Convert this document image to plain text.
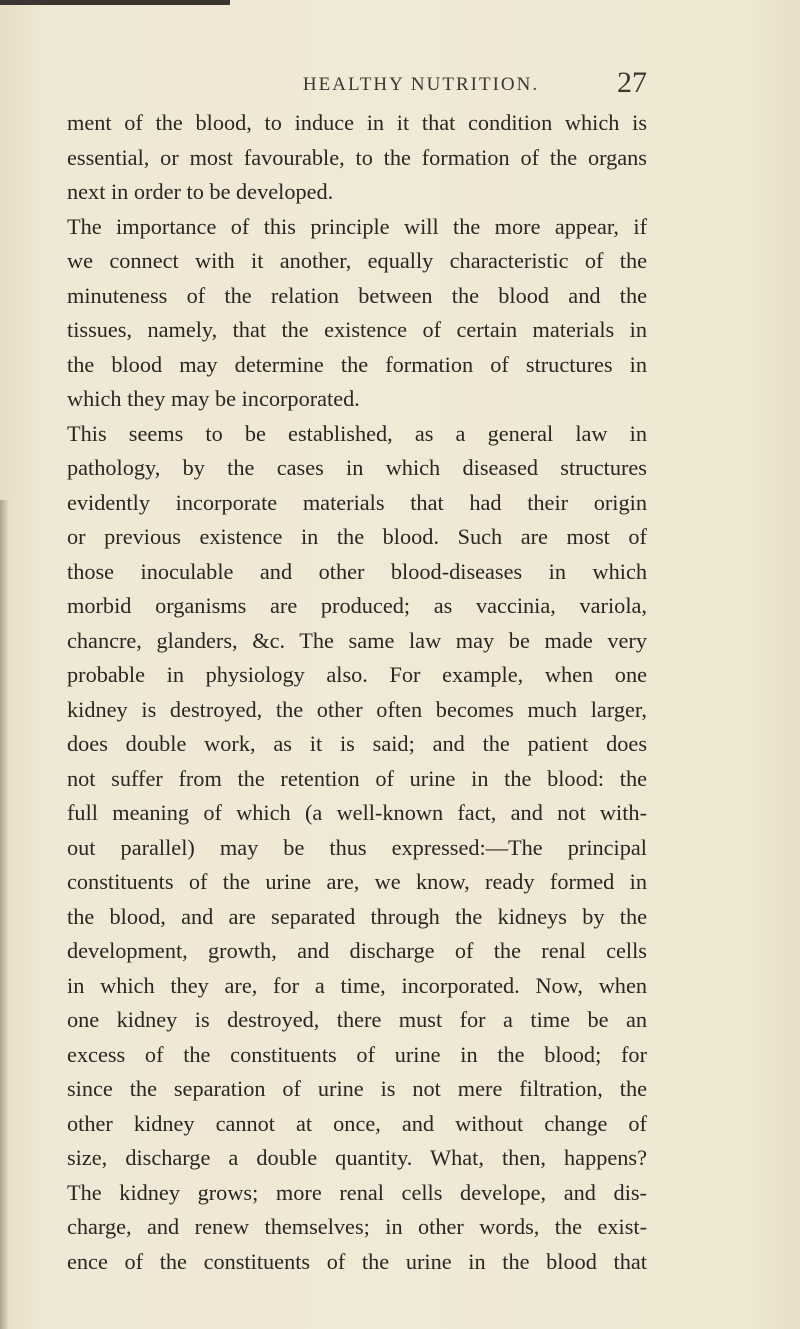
HEALTHY NUTRITION.	27
ment of the blood, to induce in it that condition which is
essential, or most favourable, to the formation of the organs
next in order to be developed.
The importance of this principle will the more appear, if
we connect with it another, equally characteristic of the
minuteness of the relation between the blood and the
tissues, namely, that the existence of certain materials in
the blood may determine the formation of structures in
which they may be incorporated.
This seems to be established, as a general law in
pathology, by the cases in which diseased structures
evidently incorporate materials that had their origin
or previous existence in the blood. Such are most of
those inoculable and other blood-diseases in which
morbid organisms are produced; as vaccinia, variola,
chancre, glanders, &c. The same law may be made very
probable in physiology also. For example, when one
kidney is destroyed, the other often becomes much larger,
does double work, as it is said; and the patient does
not suffer from the retention of urine in the blood: the
full meaning of which (a well-known fact, and not with-
out parallel) may be thus expressed:—The principal
constituents of the urine are, we know, ready formed in
the blood, and are separated through the kidneys by the
development, growth, and discharge of the renal cells
in which they are, for a time, incorporated. Now, when
one kidney is destroyed, there must for a time be an
excess of the constituents of urine in the blood; for
since the separation of urine is not mere filtration, the
other kidney cannot at once, and without change of
size, discharge a double quantity. What, then, happens?
The kidney grows; more renal cells develope, and dis-
charge, and renew themselves; in other words, the exist-
ence of the constituents of the urine in the blood that
